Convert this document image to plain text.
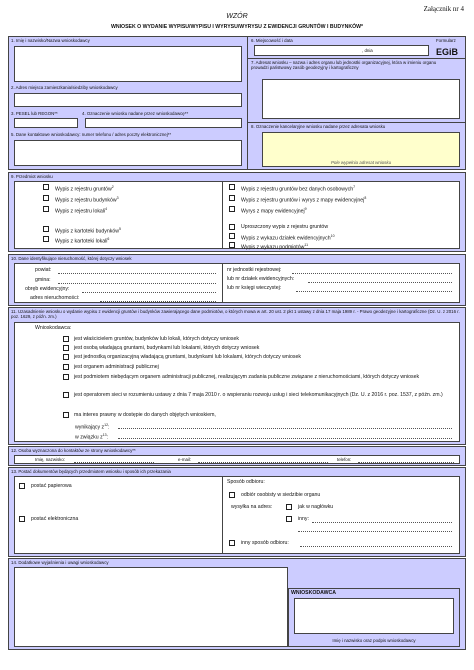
Załącznik nr 4
WZÓR
WNIOSEK O WYDANIE WYPISU/WYPISU I WYRYSU/WYRYSU Z EWIDENCJI GRUNTÓW I BUDYNKÓW*
1. Imię i nazwisko/Nazwa wnioskodawcy
2. Adres miejsca zamieszkania/siedziby wnioskodawcy
3. PESEL lub REGON**	4. Oznaczenie wniosku nadane przez wnioskodawcę**
5. Dane kontaktowe wnioskodawcy: numer telefonu / adres poczty elektronicznej**
6. Miejscowość i data
, dnia
Formularz
EGiB
7. Adresat wniosku – nazwa i adres organu lub jednostki organizacyjnej, która w imieniu organu prowadzi państwowy zasób geodezyjny i kartograficzny
8. Oznaczenie kancelaryjne wniosku nadane przez adresata wniosku
Pole wypełnia adresat wniosku
9. Przedmiot wniosku
Wypis z rejestru gruntów$^2$
Wypis z rejestru budynków$^3$
Wypis z rejestru lokali$^4$
Wypis z kartoteki budynków$^5$
Wypis z kartoteki lokali$^6$
Wypis z rejestru gruntów bez danych osobowych$^7$
Wypis z rejestru gruntów i wyrys z mapy ewidencyjnej$^8$
Wyrys z mapy ewidencyjnej$^9$
Uproszczony wypis z rejestru gruntów
Wypis z wykazu działek ewidencyjnych$^{10}$
Wypis z wykazu podmiotów$^{11}$
10. Dane identyfikujące nieruchomość, której dotyczy wniosek
powiat:
gmina:
obręb ewidencyjny:
adres nieruchomości:
nr jednostki rejestrowej:
lub nr działek ewidencyjnych:
lub nr księgi wieczystej:
11. Uzasadnienie wniosku o wydanie wypisu z ewidencji gruntów i budynków zawierającego dane podmiotów, o których mowa w art. 20 ust. 2 pkt 1 ustawy z dnia 17 maja 1989 r. - Prawo geodezyjne i kartograficzne (Dz. U. z 2016 r. poz. 1629, z późn. zm.)
Wnioskodawca:
jest właścicielem gruntów, budynków lub lokali, których dotyczy wniosek
jest osobą władającą gruntami, budynkami lub lokalami, których dotyczy wniosek
jest jednostką organizacyjną władającą gruntami, budynkami lub lokalami, których dotyczy wniosek
jest organem administracji publicznej
jest podmiotem niebędącym organem administracji publicznej, realizującym zadania publiczne związane z nieruchomościami, których dotyczy wniosek
jest operatorem sieci w rozumieniu ustawy z dnia 7 maja 2010 r. o wspieraniu rozwoju usług i sieci telekomunikacyjnych (Dz. U. z 2016 r. poz. 1537, z późn. zm.)
ma interes prawny w dostępie do danych objętych wnioskiem,
wynikający $z^{12}$:
w związku $z^{13}$:
12. Osoba wyznaczona do kontaktów ze strony wnioskodawcy**
Imię, nazwisko:	e-mail:	telefon:
13. Postać dokumentów będących przedmiotem wniosku i sposób ich przekazania
postać papierowa
postać elektroniczna
Sposób odbioru:
odbiór osobisty w siedzibie organu
wysyłka na adres:	jak w nagłówku
inny:
inny sposób odbioru:
14. Dodatkowe wyjaśnienia i uwagi wnioskodawcy
WNIOSKODAWCA
Imię i nazwisko oraz podpis wnioskodawcy
